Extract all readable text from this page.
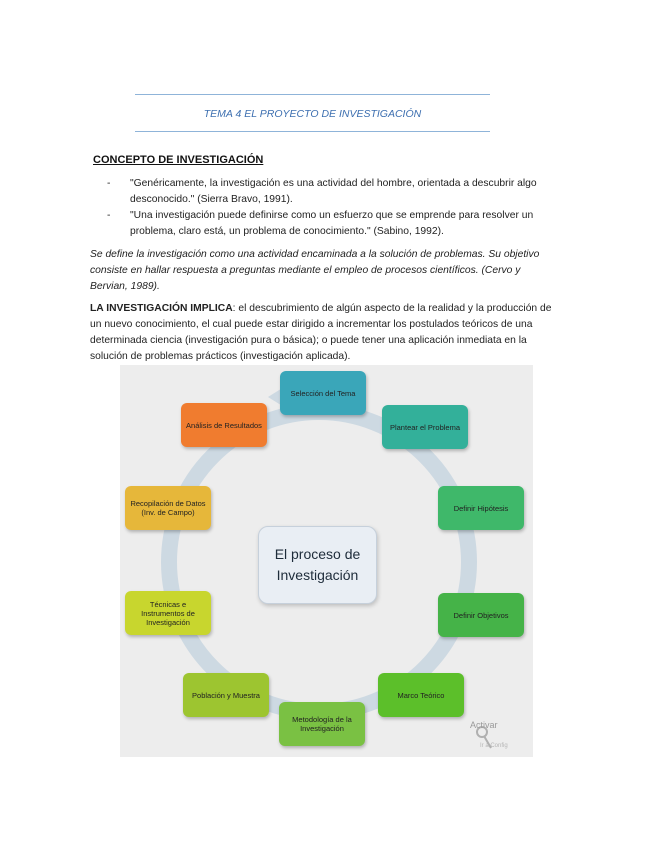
TEMA 4 EL PROYECTO DE INVESTIGACIÓN
CONCEPTO DE INVESTIGACIÓN
- "Genéricamente, la investigación es una actividad del hombre, orientada a descubrir algo
desconocido." (Sierra Bravo, 1991).
- "Una investigación puede definirse como un esfuerzo que se emprende para resolver un
problema, claro está, un problema de conocimiento." (Sabino, 1992).
Se define la investigación como una actividad encaminada a la solución de problemas. Su objetivo
consiste en hallar respuesta a preguntas mediante el empleo de procesos científicos. (Cervo y
Bervian, 1989).
LA INVESTIGACIÓN IMPLICA: el descubrimiento de algún aspecto de la realidad y la producción de
un nuevo conocimiento, el cual puede estar dirigido a incrementar los postulados teóricos de una
determinada ciencia (investigación pura o básica); o puede tener una aplicación inmediata en la
solución de problemas prácticos (investigación aplicada).
El proceso de
Investigación
Selección del Tema
Plantear el Problema
Definir Hipótesis
Definir Objetivos
Marco Teórico
Metodología de la
Investigación
Población y Muestra
Técnicas e
Instrumentos de
Investigación
Recopilación de Datos
(Inv. de Campo)
Análisis de Resultados
Activar
Ir a Config
